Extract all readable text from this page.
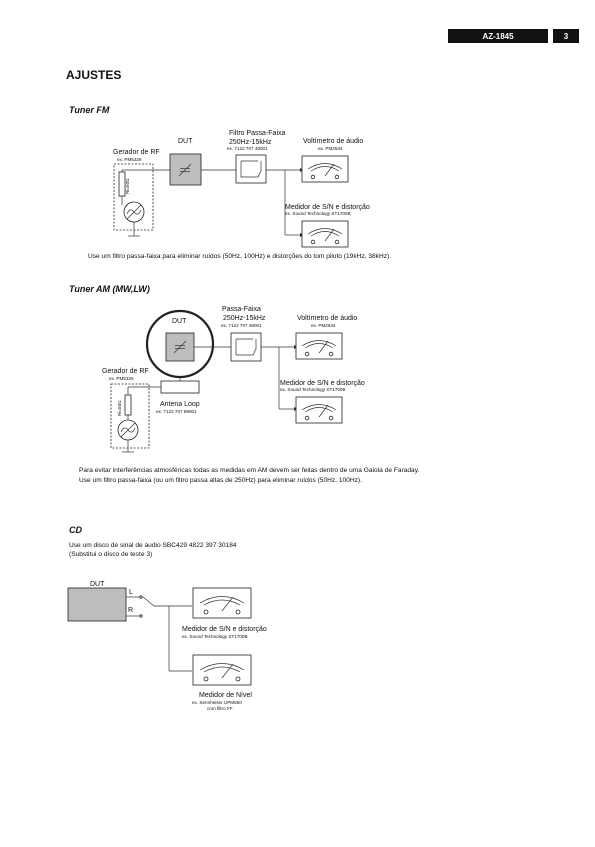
AZ-1845	3
AJUSTES
Tuner FM
DUT
Gerador de RF
ex. PM5326
Ri=50Ω
Filtro Passa-Faixa
250Hz-15kHz
ex. 7122 707 48001
Voltímetro de áudio
ex. PM2534
Medidor de S/N e distorção
ex. Sound Technology ST1700B
Use um filtro passa-faixa para eliminar ruídos (50Hz, 100Hz) e distorções do tom piloto (19kHz, 38kHz).
Tuner AM (MW,LW)
DUT
Passa-Faixa
250Hz-15kHz
ex. 7122 707 48001
Voltímetro de áudio
ex. PM2534
Medidor de S/N e distorção
ex. Sound Technology ST1700B
Gerador de RF
ex. PM5326
Ri=50Ω	Antena Loop
ex. 7122 707 89001
Para evitar interferências atmosféricas todas as medidas em AM devem ser feitas dentro de uma Gaiola de Faraday.
Use um filtro passa-faixa (ou um filtro passa altas de 250Hz) para eliminar ruídos (50Hz, 100Hz).
CD
Use um disco de sinal de áudio SBC429 4822 397 30184
(Substitui o disco de teste 3)
DUT
L
R
Medidor de S/N e distorção
ex. Sound Technology ST1700B
Medidor de Nível
ex. Sennheiser UPM550
com filtro FF
